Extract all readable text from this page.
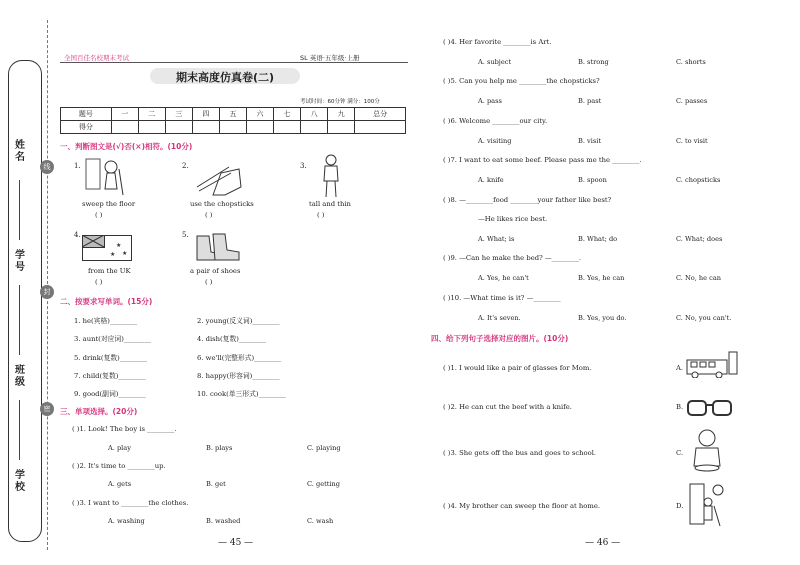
姓名
学号
班级
学校
线
封
密
全国百佳名校期末考试	SL 英语·五年级·上册
期末高度仿真卷(二)
考试时间：60分钟 满分：100分
题号	一	二	三	四	五	六	七	八	九	总分
得分										
一、判断图文是(√)否(×)相符。(10分)
1.
sweep the floor
( )
2.
use the chopsticks
( )
3.
tall and thin
( )
4.
★
★
★
from the UK
( )
5.
a pair of shoes
( )
二、按要求写单词。(15分)
1. he(宾格)________	2. young(反义词)________
3. aunt(对应词)________	4. dish(复数)________
5. drink(复数)________	6. we'll(完整形式)________
7. child(复数)________	8. happy(形容词)________
9. good(副词)________	10. cook(单三形式)________
三、单项选择。(20分)
( )1. Look! The boy is ________.
A. play	B. plays	C. playing
( )2. It's time to ________up.
A. gets	B. get	C. getting
( )3. I want to ________the clothes.
A. washing	B. washed	C. wash
— 45 —
( )4. Her favorite ________is Art.
A. subject	B. strong	C. shorts
( )5. Can you help me ________the chopsticks?
A. pass	B. past	C. passes
( )6. Welcome ________our city.
A. visiting	B. visit	C. to visit
( )7. I want to eat some beef. Please pass me the ________.
A. knife	B. spoon	C. chopsticks
( )8. —________food ________your father like best?
—He likes rice best.
A. What; is	B. What; do	C. What; does
( )9. —Can he make the bed? —________.
A. Yes, he can't	B. Yes, he can	C. No, he can
( )10. —What time is it? —________
A. It's seven.	B. Yes, you do.	C. No, you can't.
四、给下列句子选择对应的图片。(10分)
( )1. I would like a pair of glasses for Mom.	A.
( )2. He can cut the beef with a knife.	B.
( )3. She gets off the bus and goes to school.	C.
( )4. My brother can sweep the floor at home.	D.
— 46 —
